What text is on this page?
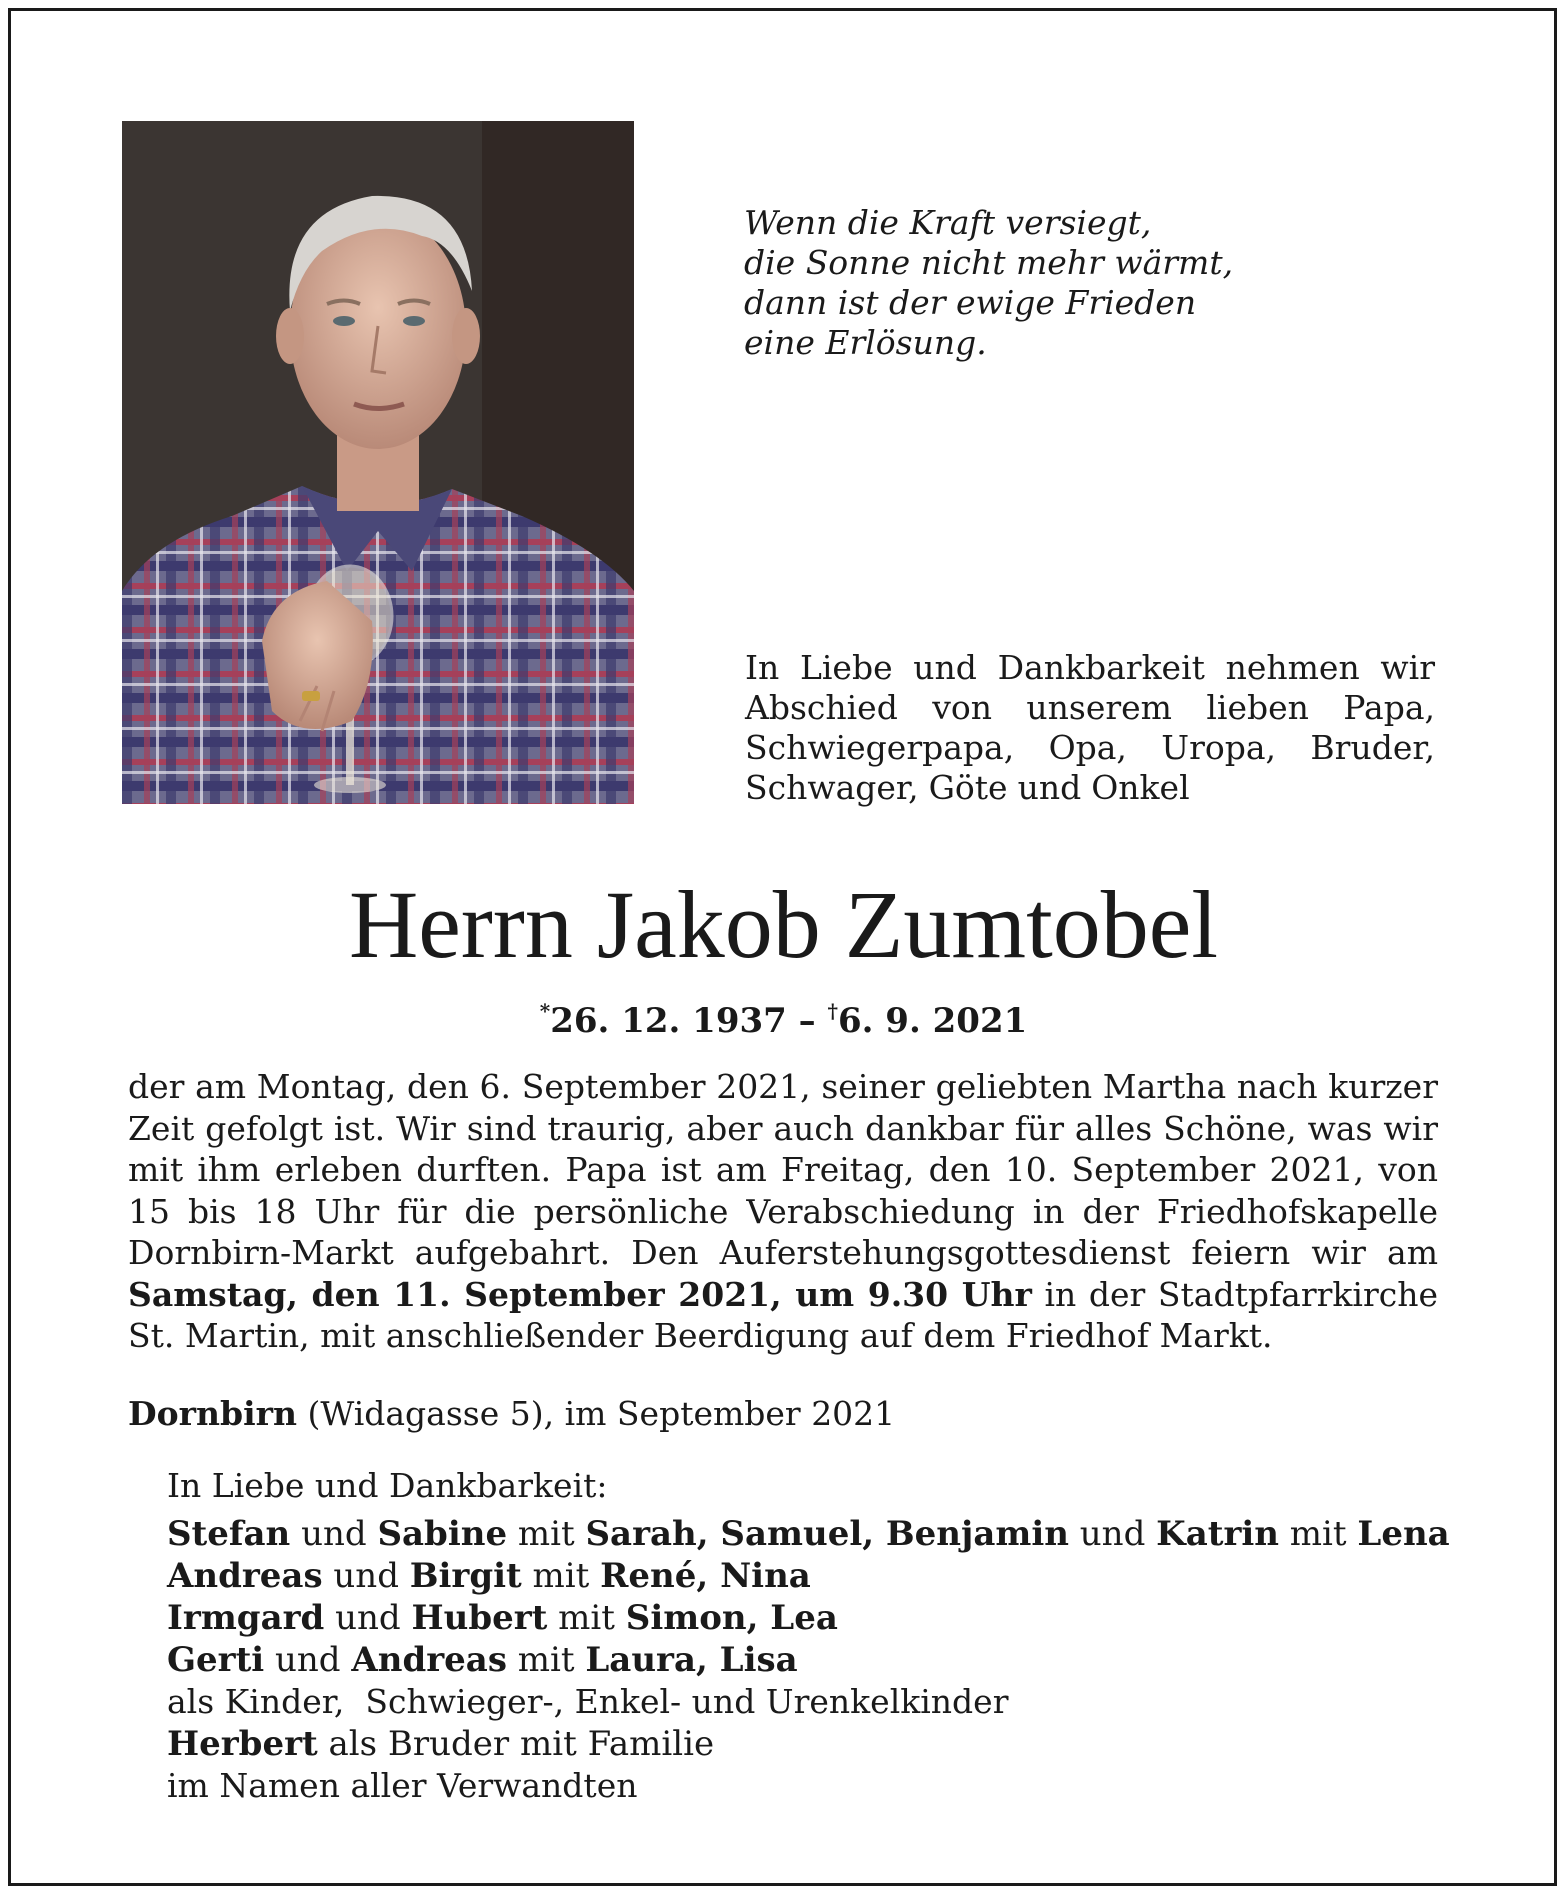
Wenn die Kraft versiegt,
die Sonne nicht mehr wärmt,
dann ist der ewige Frieden
eine Erlösung.
In Liebe und Dankbarkeit nehmen wir
Abschied von unserem lieben Papa,
Schwiegerpapa, Opa, Uropa, Bruder,
Schwager, Göte und Onkel
Herrn Jakob Zumtobel
*26. 12. 1937 – †6. 9. 2021
der am Montag, den 6. September 2021, seiner geliebten Martha nach kurzer Zeit gefolgt ist. Wir sind traurig, aber auch dankbar für alles Schöne, was wir mit ihm erleben durften. Papa ist am Freitag, den 10. September 2021, von 15 bis 18 Uhr für die persönliche Verabschiedung in der Friedhofskapelle Dornbirn-Markt aufgebahrt. Den Auferstehungsgottesdienst feiern wir am Samstag, den 11. September 2021, um 9.30 Uhr in der Stadtpfarrkirche St. Martin, mit anschließender Beerdigung auf dem Friedhof Markt.
Dornbirn (Widagasse 5), im September 2021
In Liebe und Dankbarkeit:
Stefan und Sabine mit Sarah, Samuel, Benjamin und Katrin mit Lena
Andreas und Birgit mit René, Nina
Irmgard und Hubert mit Simon, Lea
Gerti und Andreas mit Laura, Lisa
als Kinder,  Schwieger-, Enkel- und Urenkelkinder
Herbert als Bruder mit Familie
im Namen aller Verwandten
